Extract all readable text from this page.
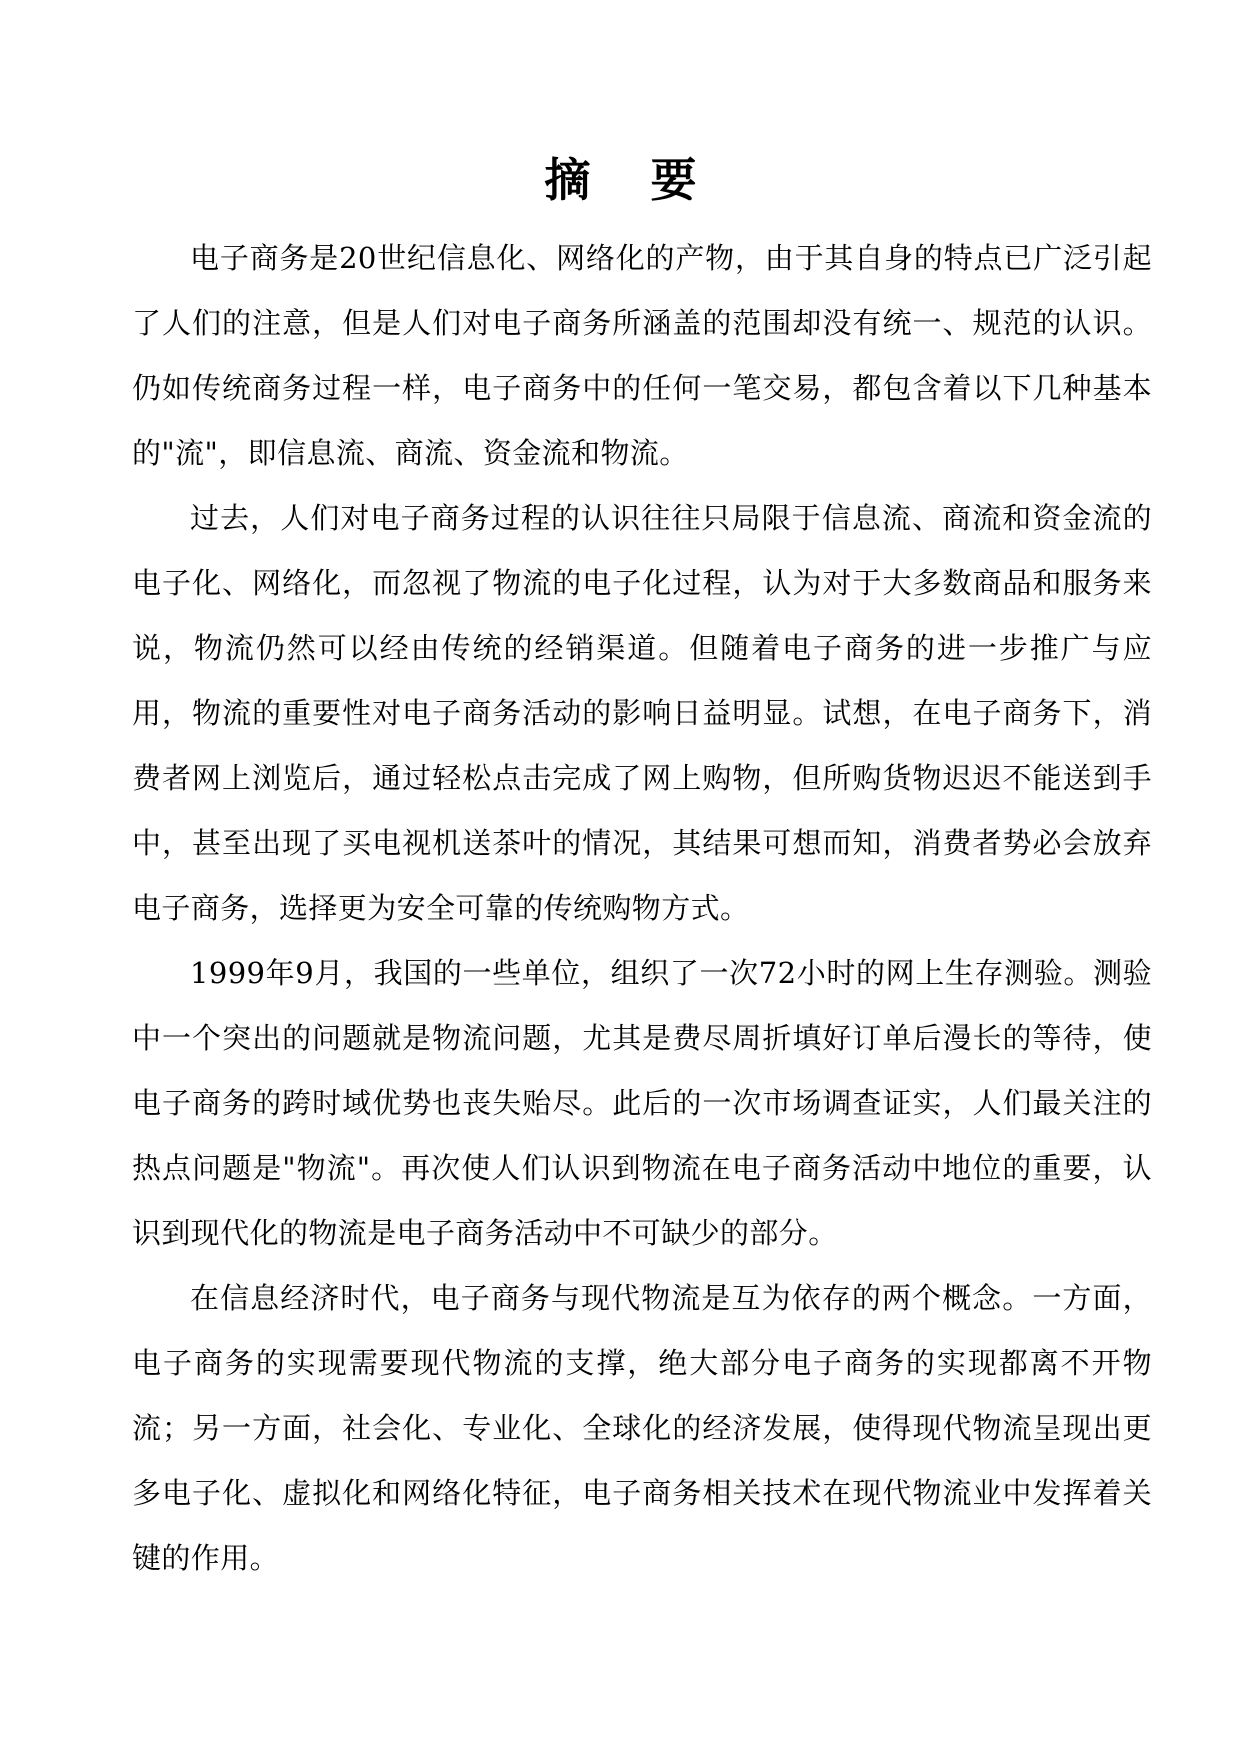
摘 要

电子商务是20世纪信息化、网络化的产物，由于其自身的特点已广泛引起了人们的注意，但是人们对电子商务所涵盖的范围却没有统一、规范的认识。仍如传统商务过程一样，电子商务中的任何一笔交易，都包含着以下几种基本的"流"，即信息流、商流、资金流和物流。

过去，人们对电子商务过程的认识往往只局限于信息流、商流和资金流的电子化、网络化，而忽视了物流的电子化过程，认为对于大多数商品和服务来说，物流仍然可以经由传统的经销渠道。但随着电子商务的进一步推广与应用，物流的重要性对电子商务活动的影响日益明显。试想，在电子商务下，消费者网上浏览后，通过轻松点击完成了网上购物，但所购货物迟迟不能送到手中，甚至出现了买电视机送茶叶的情况，其结果可想而知，消费者势必会放弃电子商务，选择更为安全可靠的传统购物方式。

1999年9月，我国的一些单位，组织了一次72小时的网上生存测验。测验中一个突出的问题就是物流问题，尤其是费尽周折填好订单后漫长的等待，使电子商务的跨时域优势也丧失贻尽。此后的一次市场调查证实，人们最关注的热点问题是"物流"。再次使人们认识到物流在电子商务活动中地位的重要，认识到现代化的物流是电子商务活动中不可缺少的部分。

在信息经济时代，电子商务与现代物流是互为依存的两个概念。一方面，电子商务的实现需要现代物流的支撑，绝大部分电子商务的实现都离不开物流；另一方面，社会化、专业化、全球化的经济发展，使得现代物流呈现出更多电子化、虚拟化和网络化特征，电子商务相关技术在现代物流业中发挥着关键的作用。
